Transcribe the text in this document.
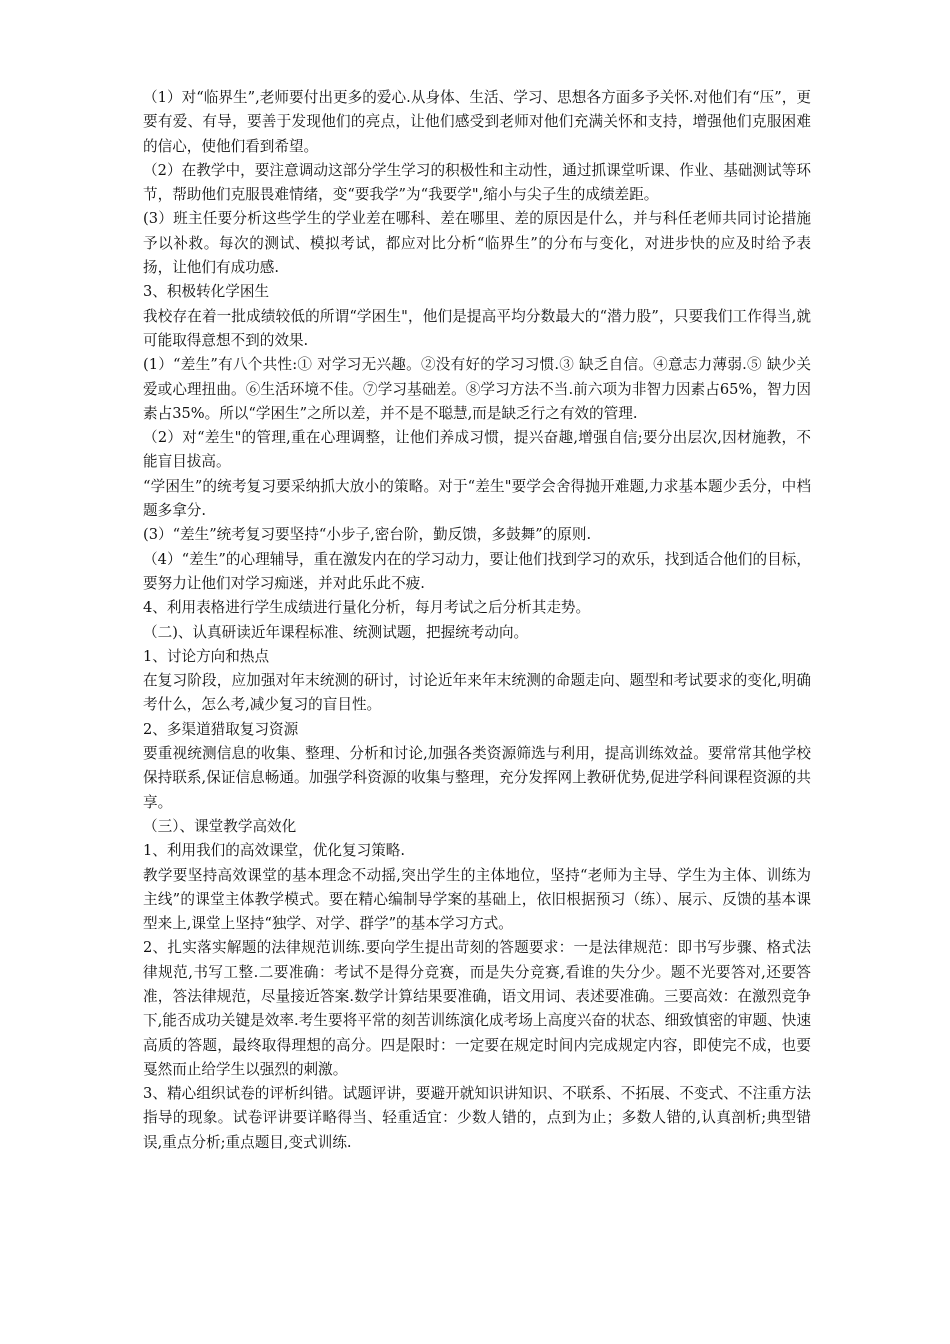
（1）对“临界生”,老师要付出更多的爱心.从身体、生活、学习、思想各方面多予关怀.对他们有“压”，更要有爱、有导，要善于发现他们的亮点，让他们感受到老师对他们充满关怀和支持，增强他们克服困难的信心，使他们看到希望。

（2）在教学中，要注意调动这部分学生学习的积极性和主动性，通过抓课堂听课、作业、基础测试等环节，帮助他们克服畏难情绪，变“要我学”为“我要学",缩小与尖子生的成绩差距。

(3）班主任要分析这些学生的学业差在哪科、差在哪里、差的原因是什么，并与科任老师共同讨论措施予以补救。每次的测试、模拟考试，都应对比分析“临界生”的分布与变化，对进步快的应及时给予表扬，让他们有成功感.

3、积极转化学困生

我校存在着一批成绩较低的所谓“学困生"，他们是提高平均分数最大的“潜力股”，只要我们工作得当,就可能取得意想不到的效果.

(1）“差生”有八个共性:① 对学习无兴趣。②没有好的学习习惯.③ 缺乏自信。④意志力薄弱.⑤ 缺少关爱或心理扭曲。⑥生活环境不佳。⑦学习基础差。⑧学习方法不当.前六项为非智力因素占65%，智力因素占35%。所以“学困生”之所以差，并不是不聪慧,而是缺乏行之有效的管理.

（2）对“差生"的管理,重在心理调整，让他们养成习惯，提兴奋趣,增强自信;要分出层次,因材施教，不能盲目拔高。

“学困生”的统考复习要采纳抓大放小的策略。对于“差生"要学会舍得抛开难题,力求基本题少丢分，中档题多拿分.

(3）“差生”统考复习要坚持“小步子,密台阶，勤反馈，多鼓舞”的原则.

（4）“差生”的心理辅导，重在激发内在的学习动力，要让他们找到学习的欢乐，找到适合他们的目标，要努力让他们对学习痴迷，并对此乐此不疲.

4、利用表格进行学生成绩进行量化分析，每月考试之后分析其走势。

（二)、认真研读近年课程标准、统测试题，把握统考动向。

1、讨论方向和热点

在复习阶段，应加强对年末统测的研讨，讨论近年来年末统测的命题走向、题型和考试要求的变化,明确考什么，怎么考,减少复习的盲目性。

2、多渠道猎取复习资源

要重视统测信息的收集、整理、分析和讨论,加强各类资源筛选与利用，提高训练效益。要常常其他学校保持联系,保证信息畅通。加强学科资源的收集与整理，充分发挥网上教研优势,促进学科间课程资源的共享。

（三）、课堂教学高效化

1、利用我们的高效课堂，优化复习策略.

教学要坚持高效课堂的基本理念不动摇,突出学生的主体地位，坚持“老师为主导、学生为主体、训练为主线”的课堂主体教学模式。要在精心编制导学案的基础上，依旧根据预习（练）、展示、反馈的基本课型来上,课堂上坚持“独学、对学、群学”的基本学习方式。

2、扎实落实解题的法律规范训练.要向学生提出苛刻的答题要求：一是法律规范：即书写步骤、格式法律规范,书写工整.二要准确：考试不是得分竞赛，而是失分竞赛,看谁的失分少。题不光要答对,还要答准，答法律规范，尽量接近答案.数学计算结果要准确，语文用词、表述要准确。三要高效：在激烈竞争下,能否成功关键是效率.考生要将平常的刻苦训练演化成考场上高度兴奋的状态、细致慎密的审题、快速高质的答题，最终取得理想的高分。四是限时：一定要在规定时间内完成规定内容，即使完不成，也要戛然而止给学生以强烈的刺激。

3、精心组织试卷的评析纠错。试题评讲，要避开就知识讲知识、不联系、不拓展、不变式、不注重方法指导的现象。试卷评讲要详略得当、轻重适宜：少数人错的，点到为止；多数人错的,认真剖析;典型错误,重点分析;重点题目,变式训练.
